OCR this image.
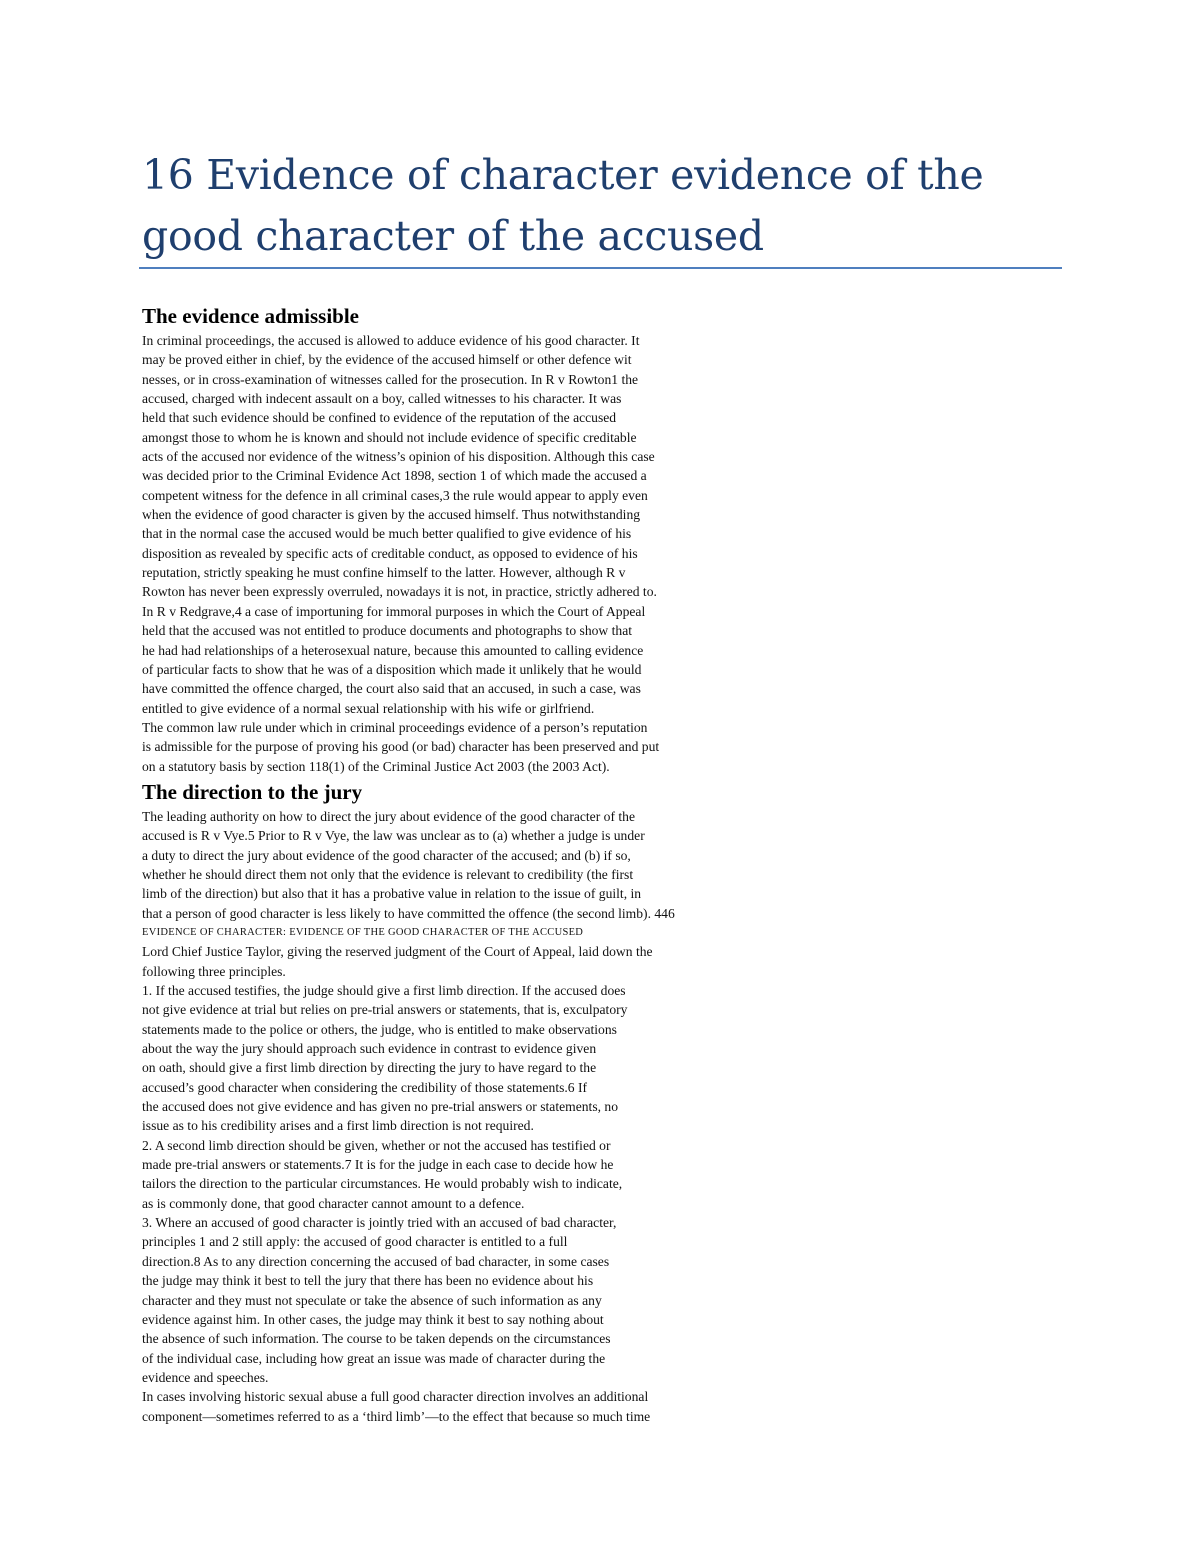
16 Evidence of character evidence of the good character of the accused
The evidence admissible
In criminal proceedings, the accused is allowed to adduce evidence of his good character. It
may be proved either in chief, by the evidence of the accused himself or other defence wit
nesses, or in cross-examination of witnesses called for the prosecution. In R v Rowton1 the
accused, charged with indecent assault on a boy, called witnesses to his character. It was
held that such evidence should be confined to evidence of the reputation of the accused
amongst those to whom he is known and should not include evidence of specific creditable
acts of the accused nor evidence of the witness’s opinion of his disposition. Although this case
was decided prior to the Criminal Evidence Act 1898, section 1 of which made the accused a
competent witness for the defence in all criminal cases,3 the rule would appear to apply even
when the evidence of good character is given by the accused himself. Thus notwithstanding
that in the normal case the accused would be much better qualified to give evidence of his
disposition as revealed by specific acts of creditable conduct, as opposed to evidence of his
reputation, strictly speaking he must confine himself to the latter. However, although R v
Rowton has never been expressly overruled, nowadays it is not, in practice, strictly adhered to.
In R v Redgrave,4 a case of importuning for immoral purposes in which the Court of Appeal
held that the accused was not entitled to produce documents and photographs to show that
he had had relationships of a heterosexual nature, because this amounted to calling evidence
of particular facts to show that he was of a disposition which made it unlikely that he would
have committed the offence charged, the court also said that an accused, in such a case, was
entitled to give evidence of a normal sexual relationship with his wife or girlfriend.
The common law rule under which in criminal proceedings evidence of a person’s reputation
is admissible for the purpose of proving his good (or bad) character has been preserved and put
on a statutory basis by section 118(1) of the Criminal Justice Act 2003 (the 2003 Act).
The direction to the jury
The leading authority on how to direct the jury about evidence of the good character of the
accused is R v Vye.5 Prior to R v Vye, the law was unclear as to (a) whether a judge is under
a duty to direct the jury about evidence of the good character of the accused; and (b) if so,
whether he should direct them not only that the evidence is relevant to credibility (the first
limb of the direction) but also that it has a probative value in relation to the issue of guilt, in
that a person of good character is less likely to have committed the offence (the second limb). 446
EVIDENCE OF CHARACTER: EVIDENCE OF THE GOOD CHARACTER OF THE ACCUSED
Lord Chief Justice Taylor, giving the reserved judgment of the Court of Appeal, laid down the
following three principles.
1. If the accused testifies, the judge should give a first limb direction. If the accused does
not give evidence at trial but relies on pre-trial answers or statements, that is, exculpatory
statements made to the police or others, the judge, who is entitled to make observations
about the way the jury should approach such evidence in contrast to evidence given
on oath, should give a first limb direction by directing the jury to have regard to the
accused’s good character when considering the credibility of those statements.6 If
the accused does not give evidence and has given no pre-trial answers or statements, no
issue as to his credibility arises and a first limb direction is not required.
2. A second limb direction should be given, whether or not the accused has testified or
made pre-trial answers or statements.7 It is for the judge in each case to decide how he
tailors the direction to the particular circumstances. He would probably wish to indicate,
as is commonly done, that good character cannot amount to a defence.
3. Where an accused of good character is jointly tried with an accused of bad character,
principles 1 and 2 still apply: the accused of good character is entitled to a full
direction.8 As to any direction concerning the accused of bad character, in some cases
the judge may think it best to tell the jury that there has been no evidence about his
character and they must not speculate or take the absence of such information as any
evidence against him. In other cases, the judge may think it best to say nothing about
the absence of such information. The course to be taken depends on the circumstances
of the individual case, including how great an issue was made of character during the
evidence and speeches.
In cases involving historic sexual abuse a full good character direction involves an additional
component—sometimes referred to as a ‘third limb’—to the effect that because so much time
